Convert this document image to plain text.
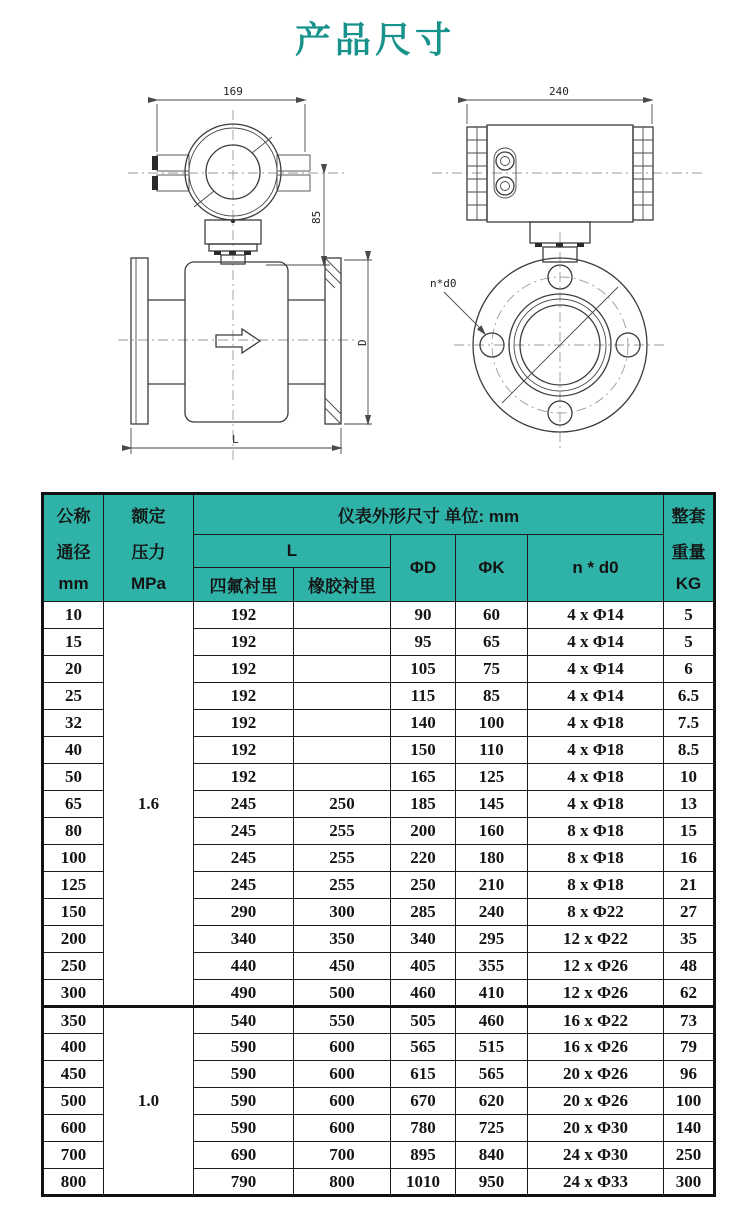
产品尺寸
169
85
L
D
240
n*d0
公称
通径
mm	额定
压力
MPa	仪表外形尺寸 单位: mm					整套
重量
KG

		L		ΦD	ΦK	n * d0	
		四氟衬里	橡胶衬里				
10	1.6	192		90	60	4 x Φ14	5
15		192		95	65	4 x Φ14	5
20		192		105	75	4 x Φ14	6
25		192		115	85	4 x Φ14	6.5
32		192		140	100	4 x Φ18	7.5
40		192		150	110	4 x Φ18	8.5
50		192		165	125	4 x Φ18	10
65		245	250	185	145	4 x Φ18	13
80		245	255	200	160	8 x Φ18	15
100		245	255	220	180	8 x Φ18	16
125		245	255	250	210	8 x Φ18	21
150		290	300	285	240	8 x Φ22	27
200		340	350	340	295	12 x Φ22	35
250		440	450	405	355	12 x Φ26	48
300		490	500	460	410	12 x Φ26	62
350	1.0	540	550	505	460	16 x Φ22	73
400		590	600	565	515	16 x Φ26	79
450		590	600	615	565	20 x Φ26	96
500		590	600	670	620	20 x Φ26	100
600		590	600	780	725	20 x Φ30	140
700		690	700	895	840	24 x Φ30	250
800		790	800	1010	950	24 x Φ33	300
